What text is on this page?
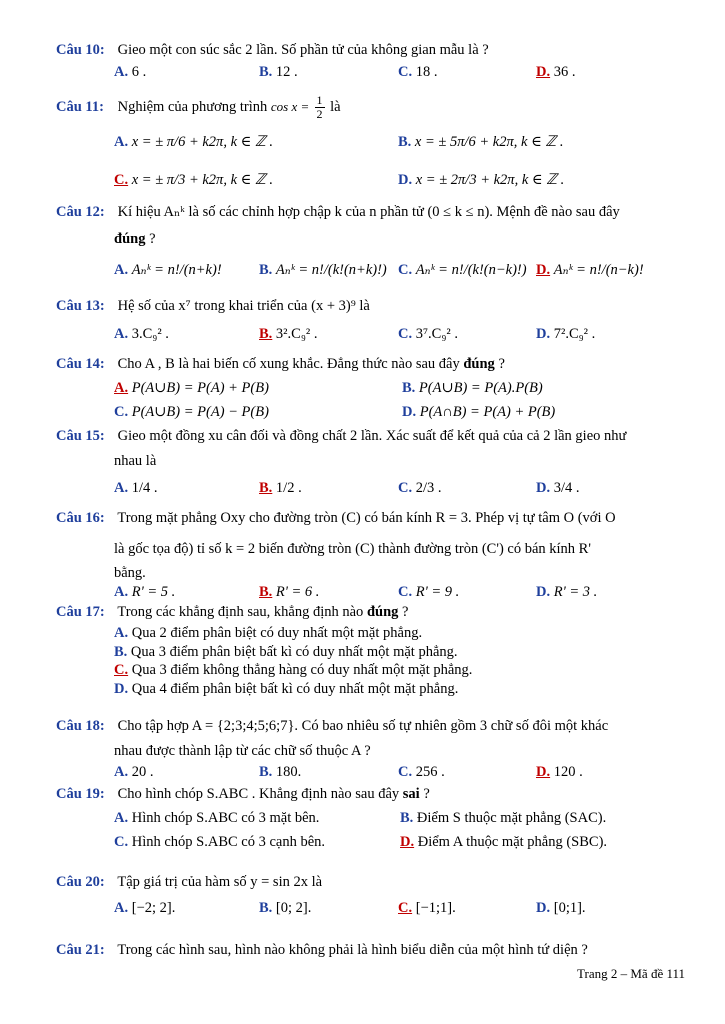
Câu 10: Gieo một con súc sắc 2 lần. Số phần tử của không gian mẫu là ?
A. 6 .	B. 12 .	C. 18 .	D. 36 .
Câu 11: Nghiệm của phương trình $\cos x = \frac{1}{2}$ là
A. x = ± π/6 + k2π, k ∈ ℤ .	B. x = ± 5π/6 + k2π, k ∈ ℤ .
C. x = ± π/3 + k2π, k ∈ ℤ .	D. x = ± 2π/3 + k2π, k ∈ ℤ .
Câu 12: Kí hiệu Aₙᵏ là số các chỉnh hợp chập k của n phần tử (0 ≤ k ≤ n). Mệnh đề nào sau đây
đúng ?
A. Aₙᵏ = n!/(n+k)!	B. Aₙᵏ = n!/(k!(n+k)!) C. Aₙᵏ = n!/(k!(n−k)!) D. Aₙᵏ = n!/(n−k)!
Câu 13: Hệ số của x⁷ trong khai triển của (x + 3)⁹ là
A. 3.C₉² .	B. 3².C₉² .	C. 3⁷.C₉² .	D. 7².C₉² .
Câu 14: Cho A , B là hai biến cố xung khắc. Đẳng thức nào sau đây đúng ?
A. P(A∪B) = P(A) + P(B)	B. P(A∪B) = P(A).P(B)
C. P(A∪B) = P(A) − P(B)	D. P(A∩B) = P(A) + P(B)
Câu 15: Gieo một đồng xu cân đối và đồng chất 2 lần. Xác suất để kết quả của cả 2 lần gieo như
nhau là
A. 1/4 .	B. 1/2 .	C. 2/3 .	D. 3/4 .
Câu 16: Trong mặt phẳng Oxy cho đường tròn (C) có bán kính R = 3. Phép vị tự tâm O (với O
là gốc tọa độ) tỉ số k = 2 biến đường tròn (C) thành đường tròn (C') có bán kính R'
bằng.
A. R' = 5 .	B. R' = 6 .	C. R' = 9 .	D. R' = 3 .
Câu 17: Trong các khẳng định sau, khẳng định nào đúng ?
A. Qua 2 điểm phân biệt có duy nhất một mặt phẳng.
B. Qua 3 điểm phân biệt bất kì có duy nhất một mặt phẳng.
C. Qua 3 điểm không thẳng hàng có duy nhất một mặt phẳng.
D. Qua 4 điểm phân biệt bất kì có duy nhất một mặt phẳng.
Câu 18: Cho tập hợp A = {2;3;4;5;6;7}. Có bao nhiêu số tự nhiên gồm 3 chữ số đôi một khác
nhau được thành lập từ các chữ số thuộc A ?
A. 20 .	B. 180.	C. 256 .	D. 120 .
Câu 19: Cho hình chóp S.ABC . Khẳng định nào sau đây sai ?
A. Hình chóp S.ABC có 3 mặt bên.	B. Điểm S thuộc mặt phẳng (SAC).
C. Hình chóp S.ABC có 3 cạnh bên.	D. Điểm A thuộc mặt phẳng (SBC).
Câu 20: Tập giá trị của hàm số y = sin 2x là
A. [−2; 2].	B. [0; 2].	C. [−1;1].	D. [0;1].
Câu 21: Trong các hình sau, hình nào không phải là hình biểu diễn của một hình tứ diện ?
Trang 2 – Mã đề 111
